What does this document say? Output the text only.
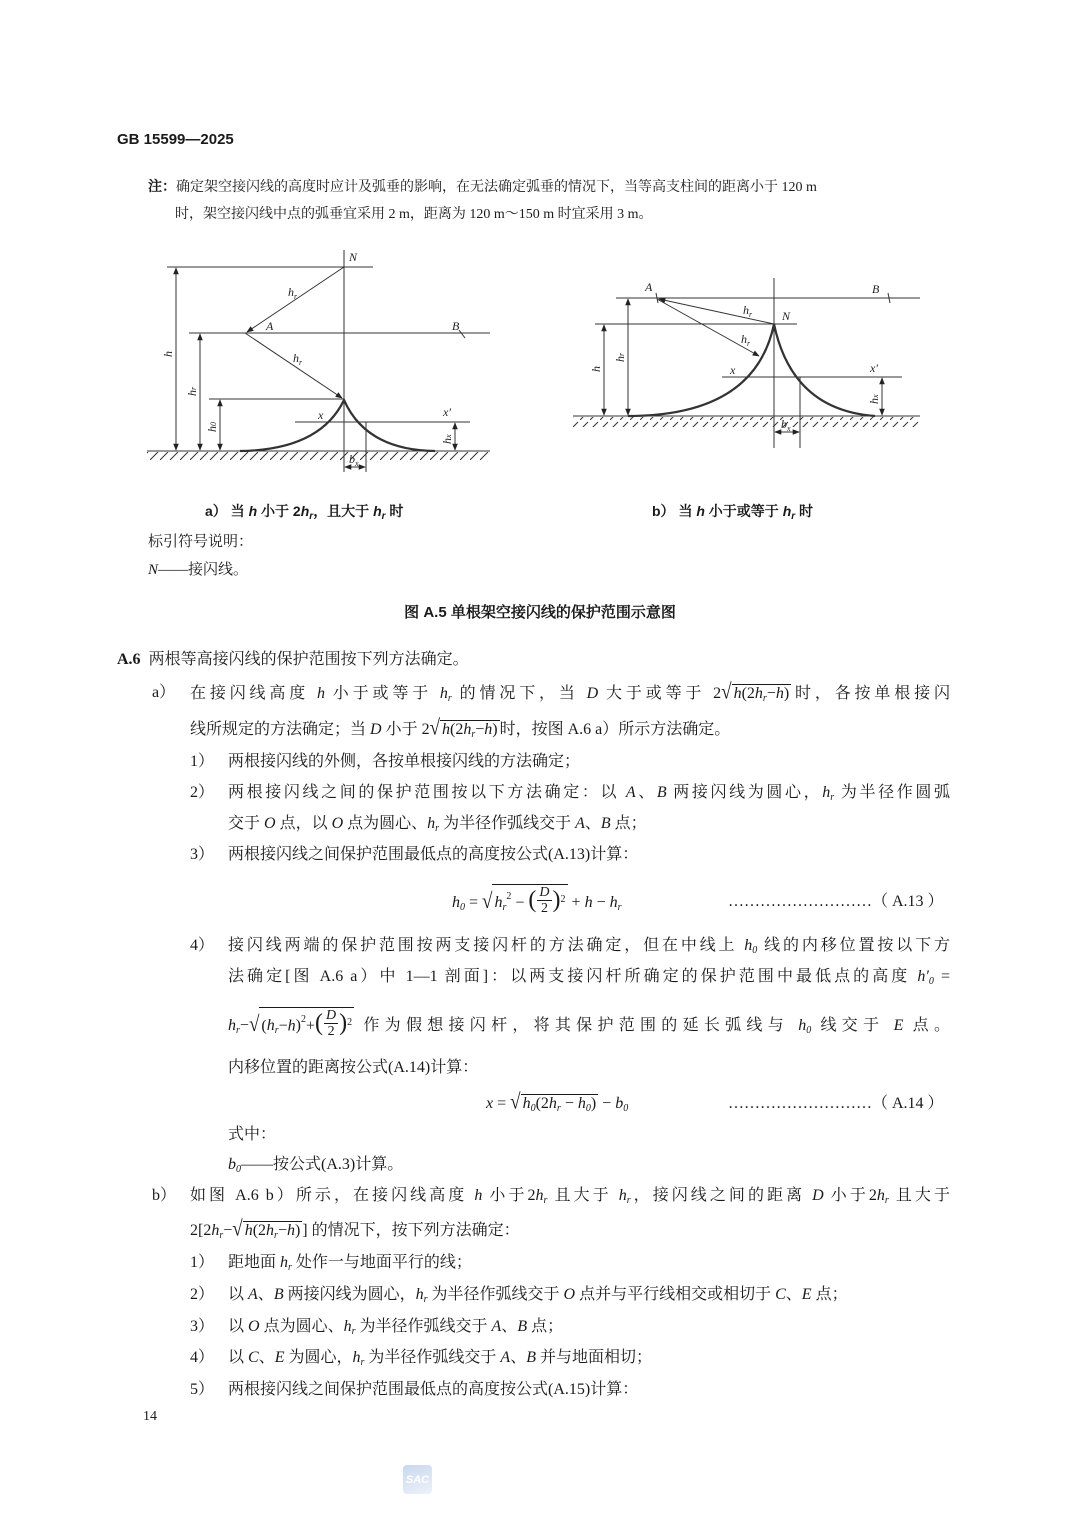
GB 15599—2025
注：确定架空接闪线的高度时应计及弧垂的影响，在无法确定弧垂的情况下，当等高支柱间的距离小于 120 m
时，架空接闪线中点的弧垂宜采用 2 m，距离为 120 m～150 m 时宜采用 3 m。
N
A	B
$h_r$
$h_r$
h
hr
h0
x	x′
hx
$b_x$
A	B
N
$h_r$
$h_r$
h
hr
x	x′
hx
$b_x$
a） 当 h 小于 $2h_r$，且大于 $h_r$ 时	b） 当 h 小于或等于 $h_r$ 时
标引符号说明：
N——接闪线。
图 A.5 单根架空接闪线的保护范围示意图
A.6 两根等高接闪线的保护范围按下列方法确定。
a） 在接闪线高度 h 小于或等于 $h_r$ 的情况下，当 D 大于或等于 2√ $h(2h_r-h)$ 时，各按单根接闪
线所规定的方法确定；当 D 小于 2√ $h(2h_r-h)$ 时，按图 A.6 a）所示方法确定。
1） 两根接闪线的外侧，各按单根接闪线的方法确定；
2） 两根接闪线之间的保护范围按以下方法确定：以 A、B 两接闪线为圆心，$h_r$ 为半径作圆弧
交于 O 点，以 O 点为圆心、$h_r$ 为半径作弧线交于 A、B 点；
3） 两根接闪线之间保护范围最低点的高度按公式(A.13)计算：
$h_0$ = √ $h_r^2$ − ( $\frac{D}{2}$ ) $2 + h - h_r$	………………………（ A.13 ）
4） 接闪线两端的保护范围按两支接闪杆的方法确定，但在中线上 $h_0$ 线的内移位置按以下方
法确定[图 A.6 a）中 1—1 剖面]：以两支接闪杆所确定的保护范围中最低点的高度 $h'_0$ =
$h_r-√$ $(h_r-h)^2+$ ( $\frac{D}{2}$ ) 2 作为假想接闪杆，将其保护范围的延长弧线与 $h_0$ 线交于 E 点。
内移位置的距离按公式(A.14)计算：
x = √ $h_0(2h_r - h_0) - b_0$	………………………（ A.14 ）
式中：
$b_0——$按公式(A.3)计算。
b） 如图 A.6 b）所示，在接闪线高度 h 小于$2h_r$ 且大于 $h_r$，接闪线之间的距离 D 小于$2h_r$ 且大于
$2[2h_r-√$ $h(2h_r-h)$ ] 的情况下，按下列方法确定：
1） 距地面 $h_r$ 处作一与地面平行的线；
2） 以 A、B 两接闪线为圆心，$h_r$ 为半径作弧线交于 O 点并与平行线相交或相切于 C、E 点；
3） 以 O 点为圆心、$h_r$ 为半径作弧线交于 A、B 点；
4） 以 C、E 为圆心，$h_r$ 为半径作弧线交于 A、B 并与地面相切；
5） 两根接闪线之间保护范围最低点的高度按公式(A.15)计算：
14
SAC
